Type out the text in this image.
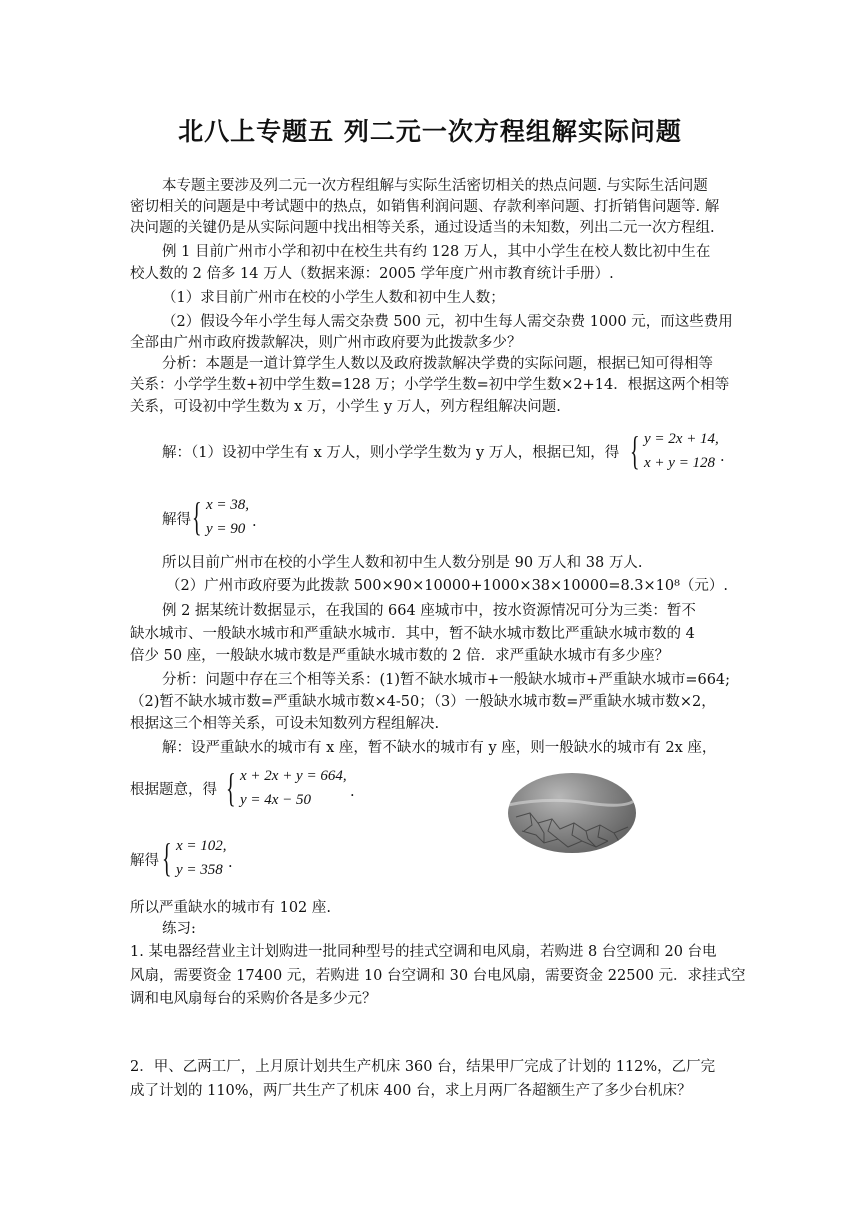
北八上专题五 列二元一次方程组解实际问题
本专题主要涉及列二元一次方程组解与实际生活密切相关的热点问题. 与实际生活问题
密切相关的问题是中考试题中的热点，如销售利润问题、存款利率问题、打折销售问题等. 解
决问题的关键仍是从实际问题中找出相等关系，通过设适当的未知数，列出二元一次方程组.
例 1 目前广州市小学和初中在校生共有约 128 万人，其中小学生在校人数比初中生在
校人数的 2 倍多 14 万人（数据来源：2005 学年度广州市教育统计手册）.
（1）求目前广州市在校的小学生人数和初中生人数；
（2）假设今年小学生每人需交杂费 500 元，初中生每人需交杂费 1000 元，而这些费用
全部由广州市政府拨款解决，则广州市政府要为此拨款多少？
分析：本题是一道计算学生人数以及政府拨款解决学费的实际问题，根据已知可得相等
关系：小学学生数+初中学生数=128 万；小学学生数=初中学生数×2+14．根据这两个相等
关系，可设初中学生数为 x 万，小学生 y 万人，列方程组解决问题.
解：（1）设初中学生有 x 万人，则小学学生数为 y 万人，根据已知，得 { y = 2x + 14,
x + y = 128 .
解得 { x = 38,
y = 90 .
所以目前广州市在校的小学生人数和初中生人数分别是 90 万人和 38 万人.
（2）广州市政府要为此拨款 500×90×10000+1000×38×10000=8.3×10⁸（元）.
例 2 据某统计数据显示，在我国的 664 座城市中，按水资源情况可分为三类：暂不
缺水城市、一般缺水城市和严重缺水城市．其中，暂不缺水城市数比严重缺水城市数的 4
倍少 50 座，一般缺水城市数是严重缺水城市数的 2 倍．求严重缺水城市有多少座？
分析：问题中存在三个相等关系：(1)暂不缺水城市+一般缺水城市+严重缺水城市=664;
（2)暂不缺水城市数=严重缺水城市数×4-50；（3）一般缺水城市数=严重缺水城市数×2，
根据这三个相等关系，可设未知数列方程组解决.
解：设严重缺水的城市有 x 座，暂不缺水的城市有 y 座，则一般缺水的城市有 2x 座，
根据题意，得 { x + 2x + y = 664,
y = 4x − 50	.
解得 { x = 102,
y = 358 .
所以严重缺水的城市有 102 座.
练习:
1. 某电器经营业主计划购进一批同种型号的挂式空调和电风扇，若购进 8 台空调和 20 台电
风扇，需要资金 17400 元，若购进 10 台空调和 30 台电风扇，需要资金 22500 元．求挂式空
调和电风扇每台的采购价各是多少元？
2．甲、乙两工厂，上月原计划共生产机床 360 台，结果甲厂完成了计划的 112%，乙厂完
成了计划的 110%，两厂共生产了机床 400 台，求上月两厂各超额生产了多少台机床？
